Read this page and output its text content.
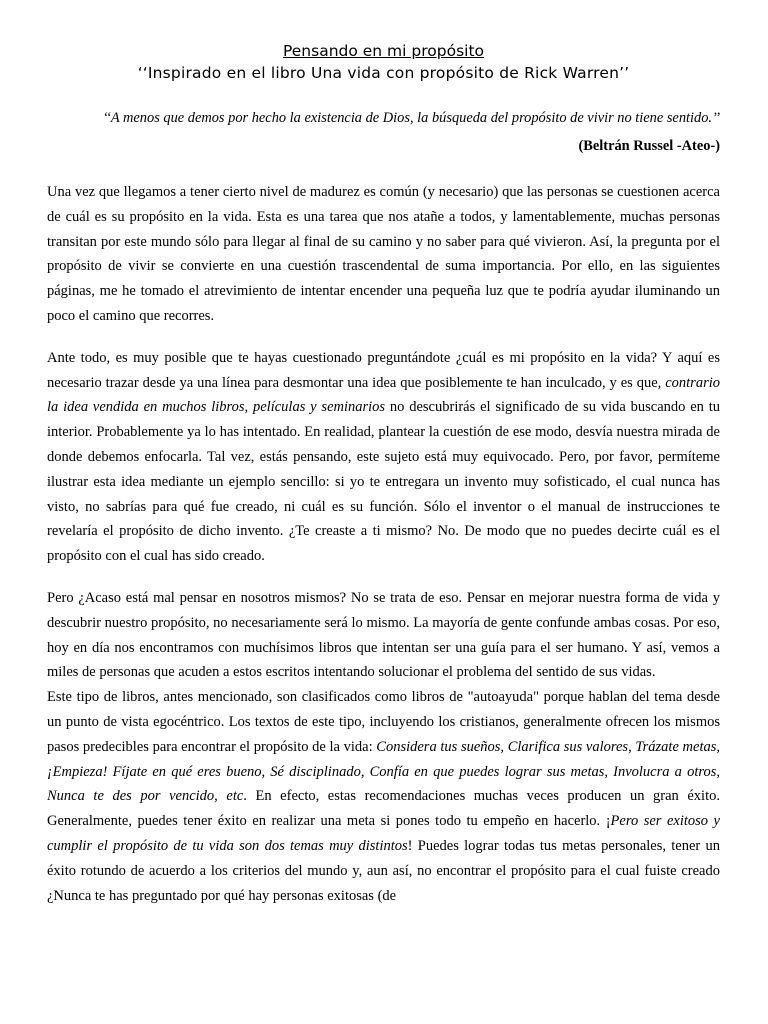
Pensando en mi propósito
‘‘Inspirado en el libro Una vida con propósito de Rick Warren’’
‘‘A menos que demos por hecho la existencia de Dios, la búsqueda del propósito de vivir no tiene sentido.’’
(Beltrán Russel -Ateo-)

Una vez que llegamos a tener cierto nivel de madurez es común (y necesario) que las personas se cuestionen acerca de cuál es su propósito en la vida. Esta es una tarea que nos atañe a todos, y lamentablemente, muchas personas transitan por este mundo sólo para llegar al final de su camino y no saber para qué vivieron. Así, la pregunta por el propósito de vivir se convierte en una cuestión trascendental de suma importancia. Por ello, en las siguientes páginas, me he tomado el atrevimiento de intentar encender una pequeña luz que te podría ayudar iluminando un poco el camino que recorres.

Ante todo, es muy posible que te hayas cuestionado preguntándote ¿cuál es mi propósito en la vida? Y aquí es necesario trazar desde ya una línea para desmontar una idea que posiblemente te han inculcado, y es que, contrario la idea vendida en muchos libros, películas y seminarios no descubrirás el significado de su vida buscando en tu interior. Probablemente ya lo has intentado. En realidad, plantear la cuestión de ese modo, desvía nuestra mirada de donde debemos enfocarla. Tal vez, estás pensando, este sujeto está muy equivocado. Pero, por favor, permíteme ilustrar esta idea mediante un ejemplo sencillo: si yo te entregara un invento muy sofisticado, el cual nunca has visto, no sabrías para qué fue creado, ni cuál es su función. Sólo el inventor o el manual de instrucciones te revelaría el propósito de dicho invento. ¿Te creaste a ti mismo? No. De modo que no puedes decirte cuál es el propósito con el cual has sido creado.

Pero ¿Acaso está mal pensar en nosotros mismos? No se trata de eso. Pensar en mejorar nuestra forma de vida y descubrir nuestro propósito, no necesariamente será lo mismo. La mayoría de gente confunde ambas cosas. Por eso, hoy en día nos encontramos con muchísimos libros que intentan ser una guía para el ser humano. Y así, vemos a miles de personas que acuden a estos escritos intentando solucionar el problema del sentido de sus vidas.

Este tipo de libros, antes mencionado, son clasificados como libros de "autoayuda" porque hablan del tema desde un punto de vista egocéntrico. Los textos de este tipo, incluyendo los cristianos, generalmente ofrecen los mismos pasos predecibles para encontrar el propósito de la vida: Considera tus sueños, Clarifica sus valores, Trázate metas, ¡Empieza! Fíjate en qué eres bueno, Sé disciplinado, Confía en que puedes lograr sus metas, Involucra a otros, Nunca te des por vencido, etc. En efecto, estas recomendaciones muchas veces producen un gran éxito. Generalmente, puedes tener éxito en realizar una meta si pones todo tu empeño en hacerlo. ¡Pero ser exitoso y cumplir el propósito de tu vida son dos temas muy distintos! Puedes lograr todas tus metas personales, tener un éxito rotundo de acuerdo a los criterios del mundo y, aun así, no encontrar el propósito para el cual fuiste creado ¿Nunca te has preguntado por qué hay personas exitosas (de
